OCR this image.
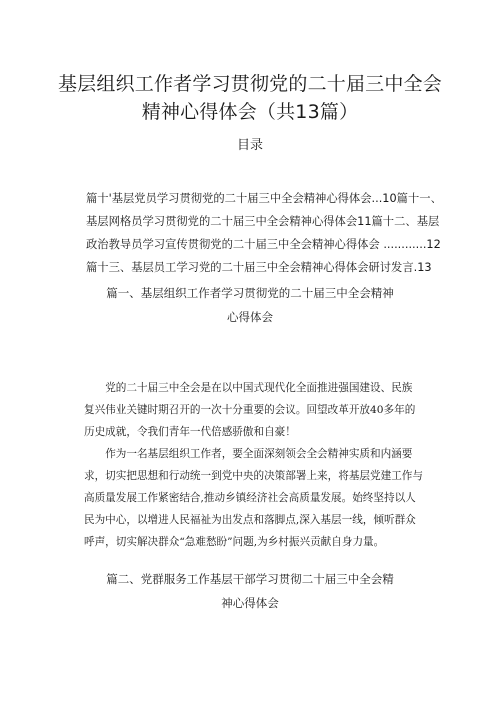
基层组织工作者学习贯彻党的二十届三中全会
精神心得体会（共13篇）
目录
篇十'基层党员学习贯彻党的二十届三中全会精神心得体会...10篇十一、
基层网格员学习贯彻党的二十届三中全会精神心得体会11篇十二、基层
政治教导员学习宣传贯彻党的二十届三中全会精神心得体会 ............12
篇十三、基层员工学习党的二十届三中全会精神心得体会研讨发言.13
篇一、基层组织工作者学习贯彻党的二十届三中全会精神
心得体会
党的二十届三中全会是在以中国式现代化全面推进强国建设、民族
复兴伟业关键时期召开的一次十分重要的会议。回望改革开放40多年的
历史成就，令我们青年一代倍感骄傲和自豪！
作为一名基层组织工作者，要全面深刻领会全会精神实质和内涵要
求，切实把思想和行动统一到党中央的决策部署上来，将基层党建工作与
高质量发展工作紧密结合,推动乡镇经济社会高质量发展。始终坚持以人
民为中心，以增进人民福祉为出发点和落脚点,深入基层一线，倾听群众
呼声，切实解决群众“急难愁盼”问题,为乡村振兴贡献自身力量。
篇二、党群服务工作基层干部学习贯彻二十届三中全会精
神心得体会
